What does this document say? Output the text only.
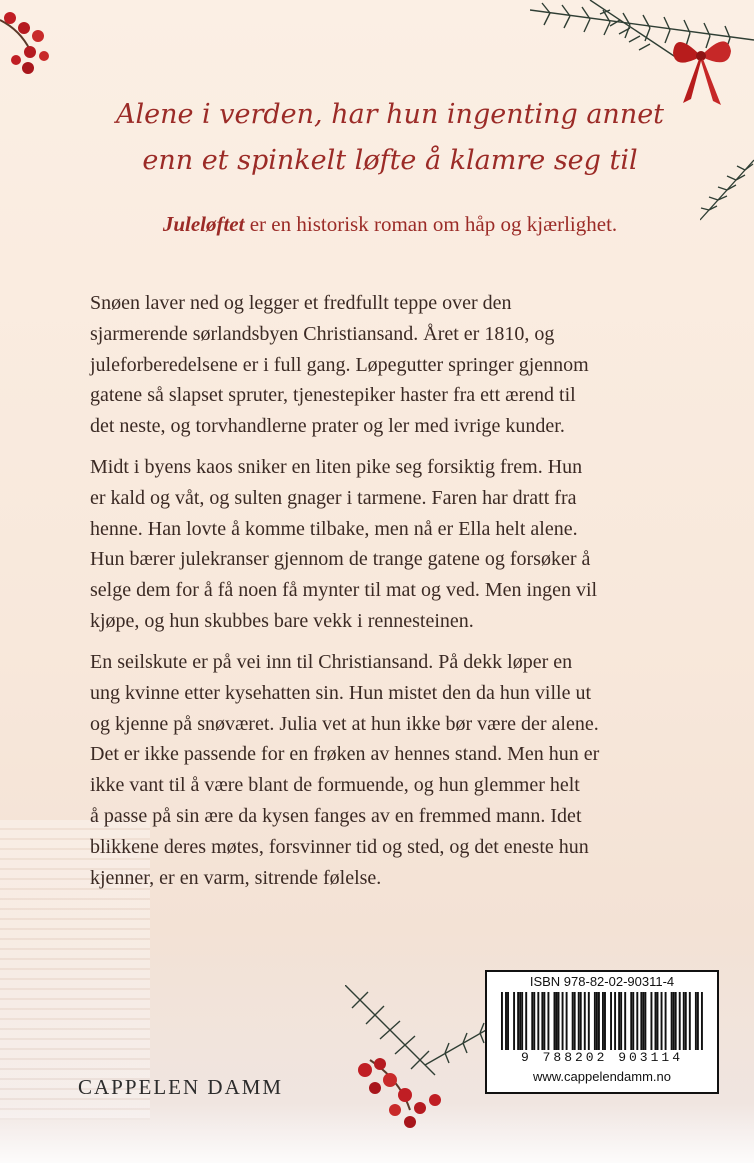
Alene i verden, har hun ingenting annet
enn et spinkelt løfte å klamre seg til
Juleløftet er en historisk roman om håp og kjærlighet.
Snøen laver ned og legger et fredfullt teppe over den
sjarmerende sørlandsbyen Christiansand. Året er 1810, og
juleforberedelsene er i full gang. Løpegutter springer gjennom
gatene så slapset spruter, tjenestepiker haster fra ett ærend til
det neste, og torvhandlerne prater og ler med ivrige kunder.
Midt i byens kaos sniker en liten pike seg forsiktig frem. Hun
er kald og våt, og sulten gnager i tarmene. Faren har dratt fra
henne. Han lovte å komme tilbake, men nå er Ella helt alene.
Hun bærer julekranser gjennom de trange gatene og forsøker å
selge dem for å få noen få mynter til mat og ved. Men ingen vil
kjøpe, og hun skubbes bare vekk i rennesteinen.
En seilskute er på vei inn til Christiansand. På dekk løper en
ung kvinne etter kysehatten sin. Hun mistet den da hun ville ut
og kjenne på snøværet. Julia vet at hun ikke bør være der alene.
Det er ikke passende for en frøken av hennes stand. Men hun er
ikke vant til å være blant de formuende, og hun glemmer helt
å passe på sin ære da kysen fanges av en fremmed mann. Idet
blikkene deres møtes, forsvinner tid og sted, og det eneste hun
kjenner, er en varm, sitrende følelse.
CAPPELEN DAMM
ISBN 978-82-02-90311-4
9 788202 903114
www.cappelendamm.no
